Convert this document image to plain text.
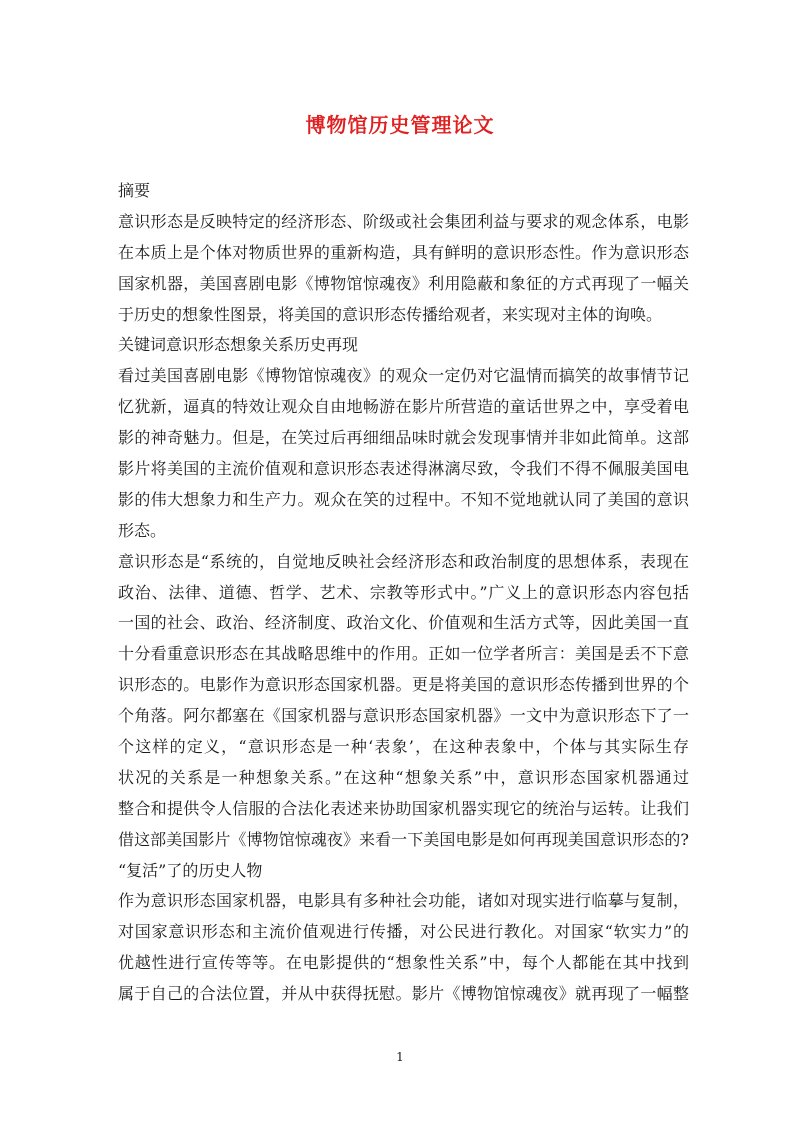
博物馆历史管理论文
摘要
意识形态是反映特定的经济形态、阶级或社会集团利益与要求的观念体系，电影
在本质上是个体对物质世界的重新构造，具有鲜明的意识形态性。作为意识形态
国家机器，美国喜剧电影《博物馆惊魂夜》利用隐蔽和象征的方式再现了一幅关
于历史的想象性图景，将美国的意识形态传播给观者，来实现对主体的询唤。
关键词意识形态想象关系历史再现
看过美国喜剧电影《博物馆惊魂夜》的观众一定仍对它温情而搞笑的故事情节记
忆犹新，逼真的特效让观众自由地畅游在影片所营造的童话世界之中，享受着电
影的神奇魅力。但是，在笑过后再细细品味时就会发现事情并非如此简单。这部
影片将美国的主流价值观和意识形态表述得淋漓尽致，令我们不得不佩服美国电
影的伟大想象力和生产力。观众在笑的过程中。不知不觉地就认同了美国的意识
形态。
意识形态是“系统的，自觉地反映社会经济形态和政治制度的思想体系，表现在
政治、法律、道德、哲学、艺术、宗教等形式中。”广义上的意识形态内容包括
一国的社会、政治、经济制度、政治文化、价值观和生活方式等，因此美国一直
十分看重意识形态在其战略思维中的作用。正如一位学者所言：美国是丢不下意
识形态的。电影作为意识形态国家机器。更是将美国的意识形态传播到世界的个
个角落。阿尔都塞在《国家机器与意识形态国家机器》一文中为意识形态下了一
个这样的定义，“意识形态是一种‘表象’，在这种表象中，个体与其实际生存
状况的关系是一种想象关系。”在这种“想象关系”中，意识形态国家机器通过
整合和提供令人信服的合法化表述来协助国家机器实现它的统治与运转。让我们
借这部美国影片《博物馆惊魂夜》来看一下美国电影是如何再现美国意识形态的?
“复活”了的历史人物
作为意识形态国家机器，电影具有多种社会功能，诸如对现实进行临摹与复制，
对国家意识形态和主流价值观进行传播，对公民进行教化。对国家“软实力”的
优越性进行宣传等等。在电影提供的“想象性关系”中，每个人都能在其中找到
属于自己的合法位置，并从中获得抚慰。影片《博物馆惊魂夜》就再现了一幅整
1
